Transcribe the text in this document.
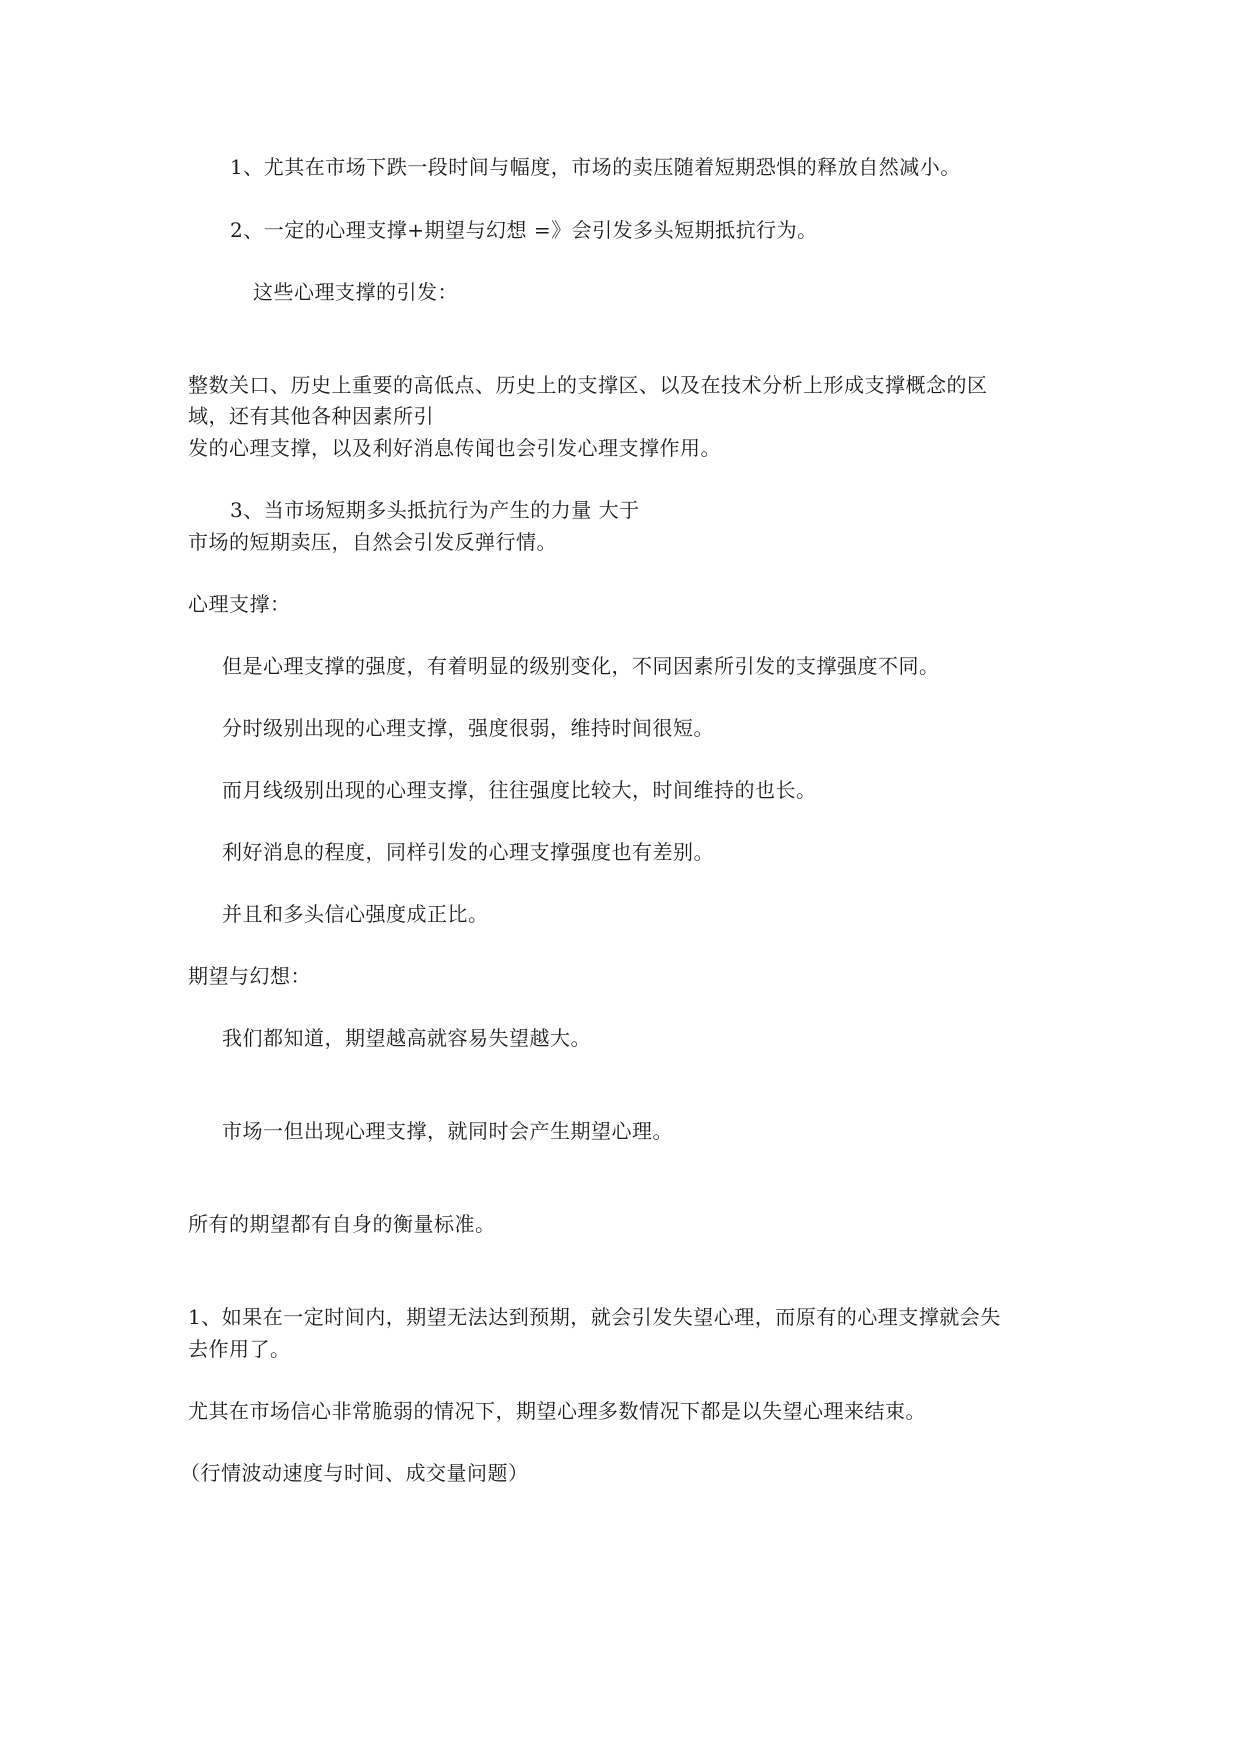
1、尤其在市场下跌一段时间与幅度，市场的卖压随着短期恐惧的释放自然减小。
2、一定的心理支撑+期望与幻想 =》会引发多头短期抵抗行为。
这些心理支撑的引发：
整数关口、历史上重要的高低点、历史上的支撑区、以及在技术分析上形成支撑概念的区
域，还有其他各种因素所引
发的心理支撑，以及利好消息传闻也会引发心理支撑作用。
3、当市场短期多头抵抗行为产生的力量 大于
市场的短期卖压，自然会引发反弹行情。
心理支撑：
但是心理支撑的强度，有着明显的级别变化，不同因素所引发的支撑强度不同。
分时级别出现的心理支撑，强度很弱，维持时间很短。
而月线级别出现的心理支撑，往往强度比较大，时间维持的也长。
利好消息的程度，同样引发的心理支撑强度也有差别。
并且和多头信心强度成正比。
期望与幻想：
我们都知道，期望越高就容易失望越大。
市场一但出现心理支撑，就同时会产生期望心理。
所有的期望都有自身的衡量标准。
1、如果在一定时间内，期望无法达到预期，就会引发失望心理，而原有的心理支撑就会失
去作用了。
尤其在市场信心非常脆弱的情况下，期望心理多数情况下都是以失望心理来结束。
（行情波动速度与时间、成交量问题）
